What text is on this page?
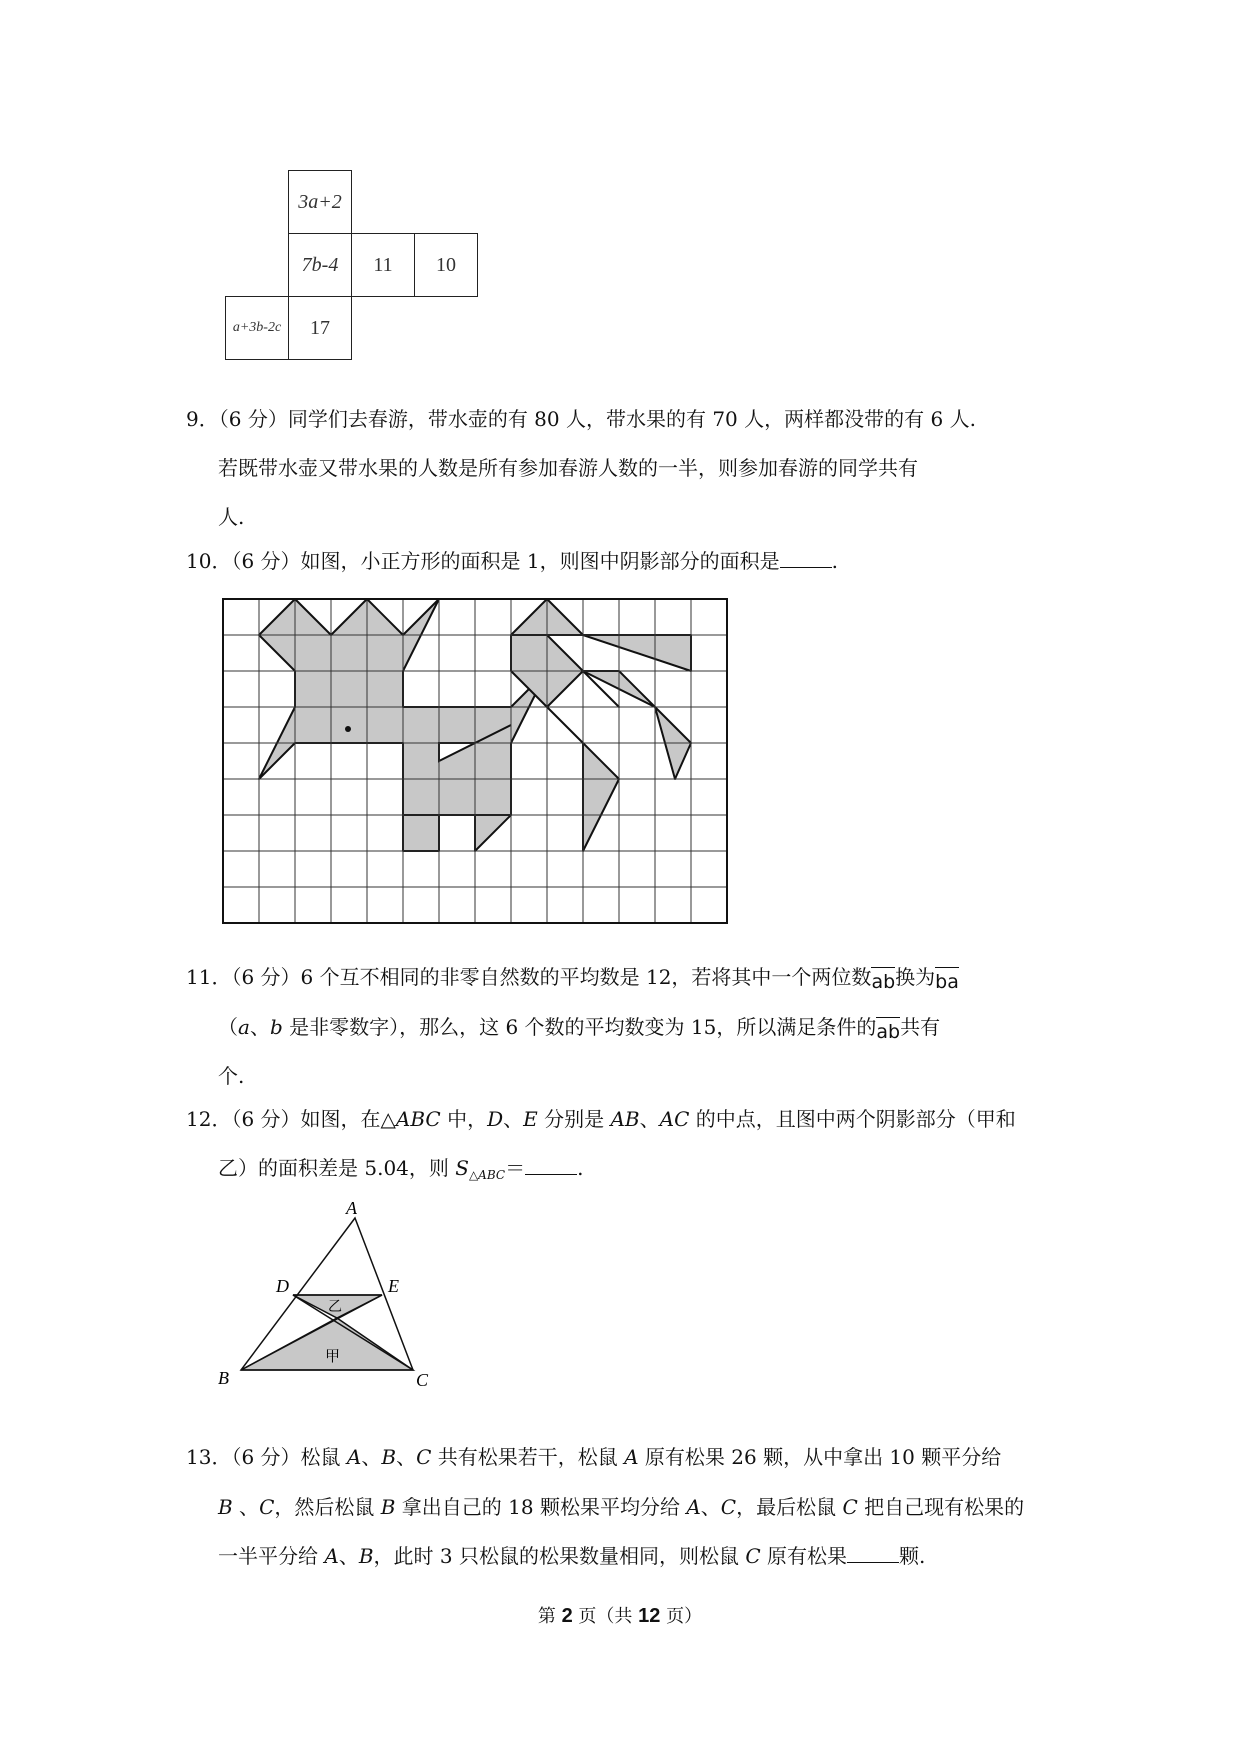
3a+2
7b-4 11 10
a+3b-2c 17
9．（6 分）同学们去春游，带水壶的有 80 人，带水果的有 70 人，两样都没带的有 6 人.
若既带水壶又带水果的人数是所有参加春游人数的一半，则参加春游的同学共有
人.
10．（6 分）如图，小正方形的面积是 1，则图中阴影部分的面积是	.
11．（6 分）6 个互不相同的非零自然数的平均数是 12，若将其中一个两位数ab换为ba
（a、b 是非零数字），那么，这 6 个数的平均数变为 15，所以满足条件的ab共有
个.
12．（6 分）如图，在△ABC 中，D、E 分别是 AB、AC 的中点，且图中两个阴影部分（甲和
乙）的面积差是 5.04，则 $S_{\triangle ABC}=$	.
A
B	C
D	E
乙
甲
13．（6 分）松鼠 A、B、C 共有松果若干，松鼠 A 原有松果 26 颗，从中拿出 10 颗平分给
B 、C，然后松鼠 B 拿出自己的 18 颗松果平均分给 A、C，最后松鼠 C 把自己现有松果的
一半平分给 A、B，此时 3 只松鼠的松果数量相同，则松鼠 C 原有松果	颗.
第 2 页（共 12 页）
